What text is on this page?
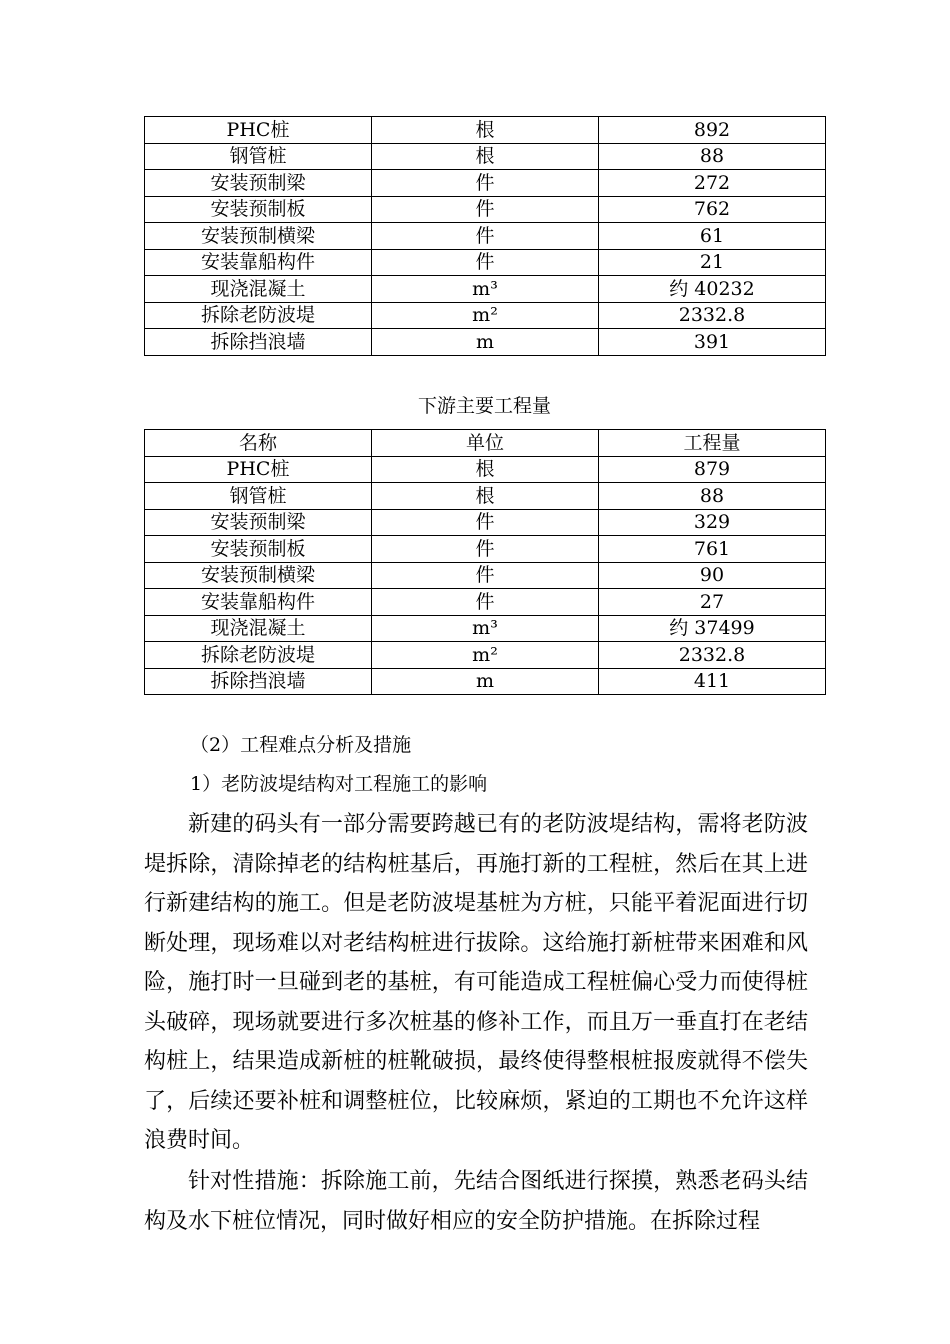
PHC桩	根	892
钢管桩	根	88
安装预制梁	件	272
安装预制板	件	762
安装预制横梁	件	61
安装靠船构件	件	21
现浇混凝土	m³	约 40232
拆除老防波堤	m²	2332.8
拆除挡浪墙	m	391
下游主要工程量
名称	单位	工程量
PHC桩	根	879
钢管桩	根	88
安装预制梁	件	329
安装预制板	件	761
安装预制横梁	件	90
安装靠船构件	件	27
现浇混凝土	m³	约 37499
拆除老防波堤	m²	2332.8
拆除挡浪墙	m	411
（2）工程难点分析及措施
1）老防波堤结构对工程施工的影响

新建的码头有一部分需要跨越已有的老防波堤结构，需将老防波堤拆除，清除掉老的结构桩基后，再施打新的工程桩，然后在其上进行新建结构的施工。但是老防波堤基桩为方桩，只能平着泥面进行切断处理，现场难以对老结构桩进行拔除。这给施打新桩带来困难和风险，施打时一旦碰到老的基桩，有可能造成工程桩偏心受力而使得桩头破碎，现场就要进行多次桩基的修补工作，而且万一垂直打在老结构桩上，结果造成新桩的桩靴破损，最终使得整根桩报废就得不偿失了，后续还要补桩和调整桩位，比较麻烦，紧迫的工期也不允许这样浪费时间。

针对性措施：拆除施工前，先结合图纸进行探摸，熟悉老码头结构及水下桩位情况，同时做好相应的安全防护措施。在拆除过程
